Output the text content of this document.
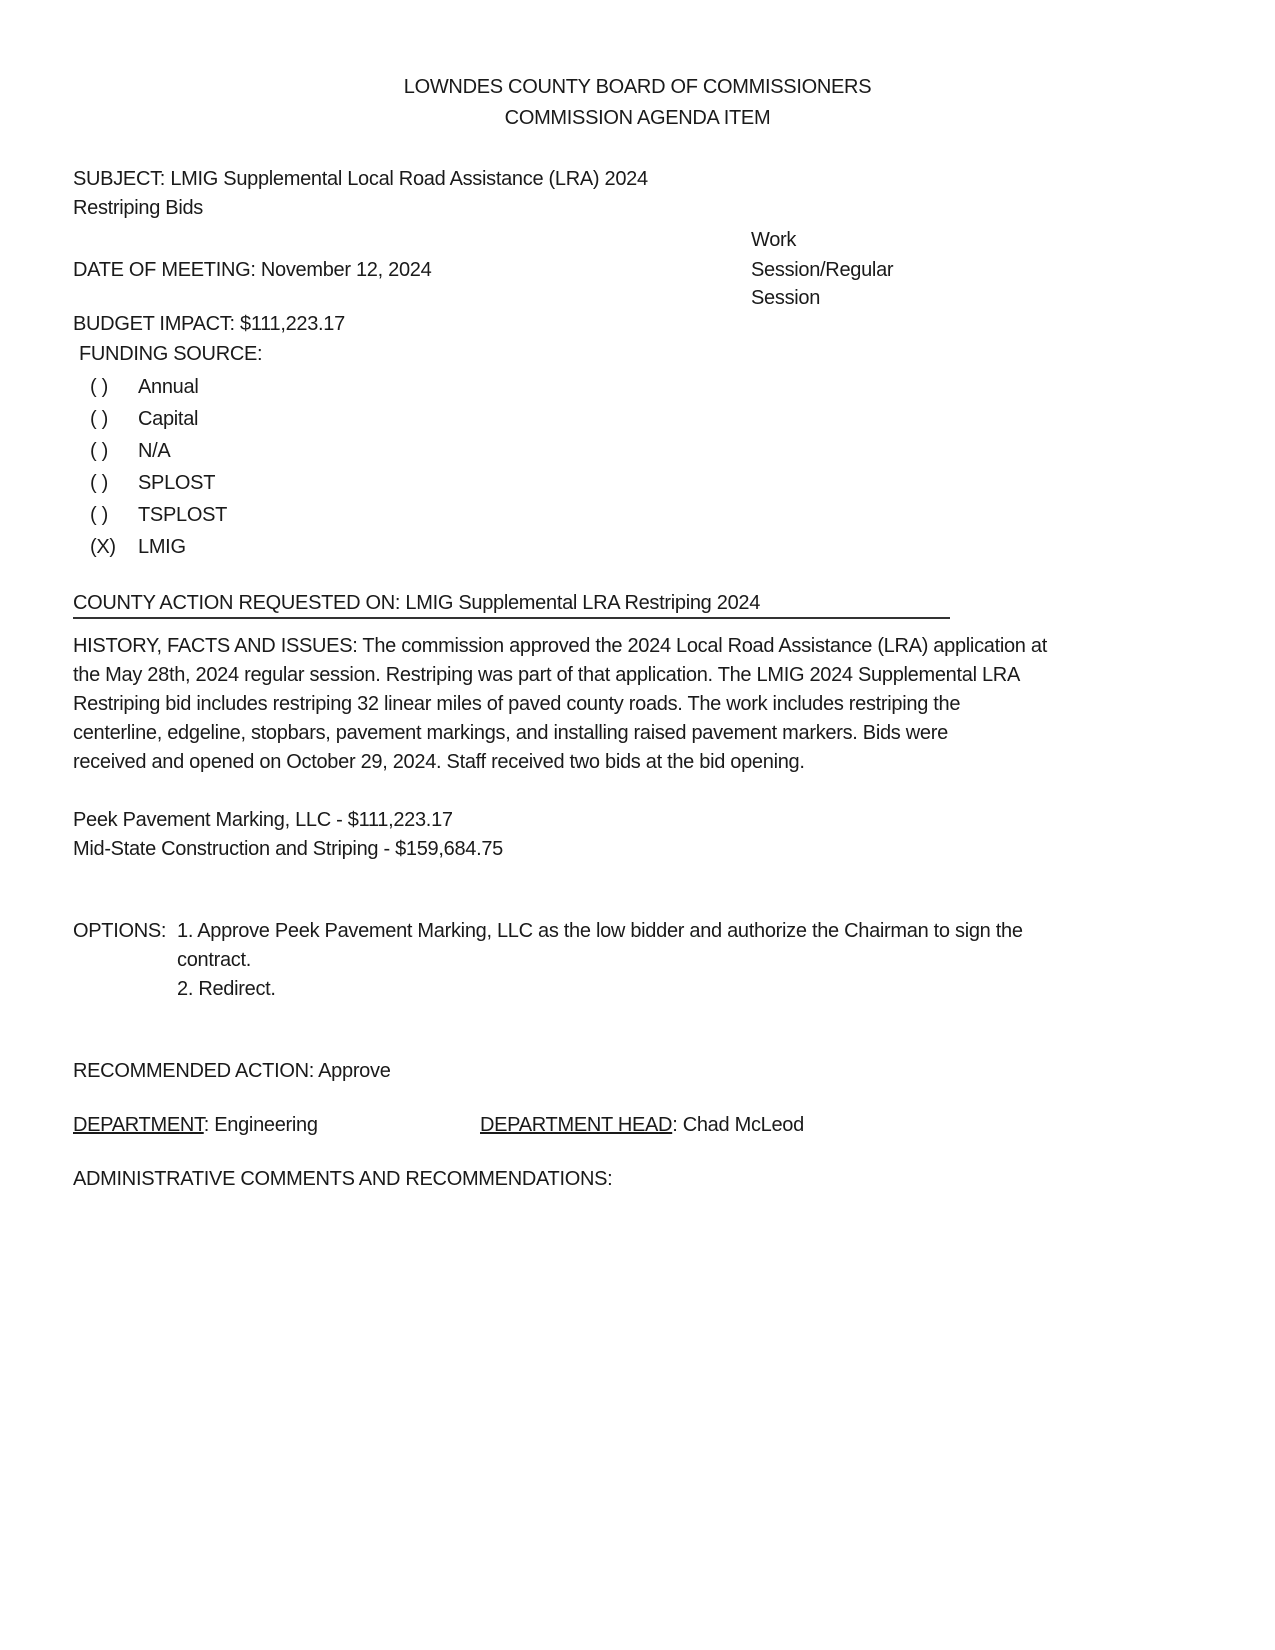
LOWNDES COUNTY BOARD OF COMMISSIONERS
COMMISSION AGENDA ITEM
SUBJECT: LMIG Supplemental Local Road Assistance (LRA) 2024
Restriping Bids
DATE OF MEETING: November 12, 2024
Work
Session/Regular
Session
BUDGET IMPACT: $111,223.17
FUNDING SOURCE:
( ) Annual
( ) Capital
( ) N/A
( ) SPLOST
( ) TSPLOST
(X) LMIG
COUNTY ACTION REQUESTED ON: LMIG Supplemental LRA Restriping 2024
HISTORY, FACTS AND ISSUES: The commission approved the 2024 Local Road Assistance (LRA) application at
the May 28th, 2024 regular session. Restriping was part of that application. The LMIG 2024 Supplemental LRA
Restriping bid includes restriping 32 linear miles of paved county roads. The work includes restriping the
centerline, edgeline, stopbars, pavement markings, and installing raised pavement markers. Bids were
received and opened on October 29, 2024. Staff received two bids at the bid opening.
Peek Pavement Marking, LLC - $111,223.17
Mid-State Construction and Striping - $159,684.75
OPTIONS: 1. Approve Peek Pavement Marking, LLC as the low bidder and authorize the Chairman to sign the
contract.
2. Redirect.
RECOMMENDED ACTION: Approve
DEPARTMENT: Engineering	DEPARTMENT HEAD: Chad McLeod
ADMINISTRATIVE COMMENTS AND RECOMMENDATIONS:
